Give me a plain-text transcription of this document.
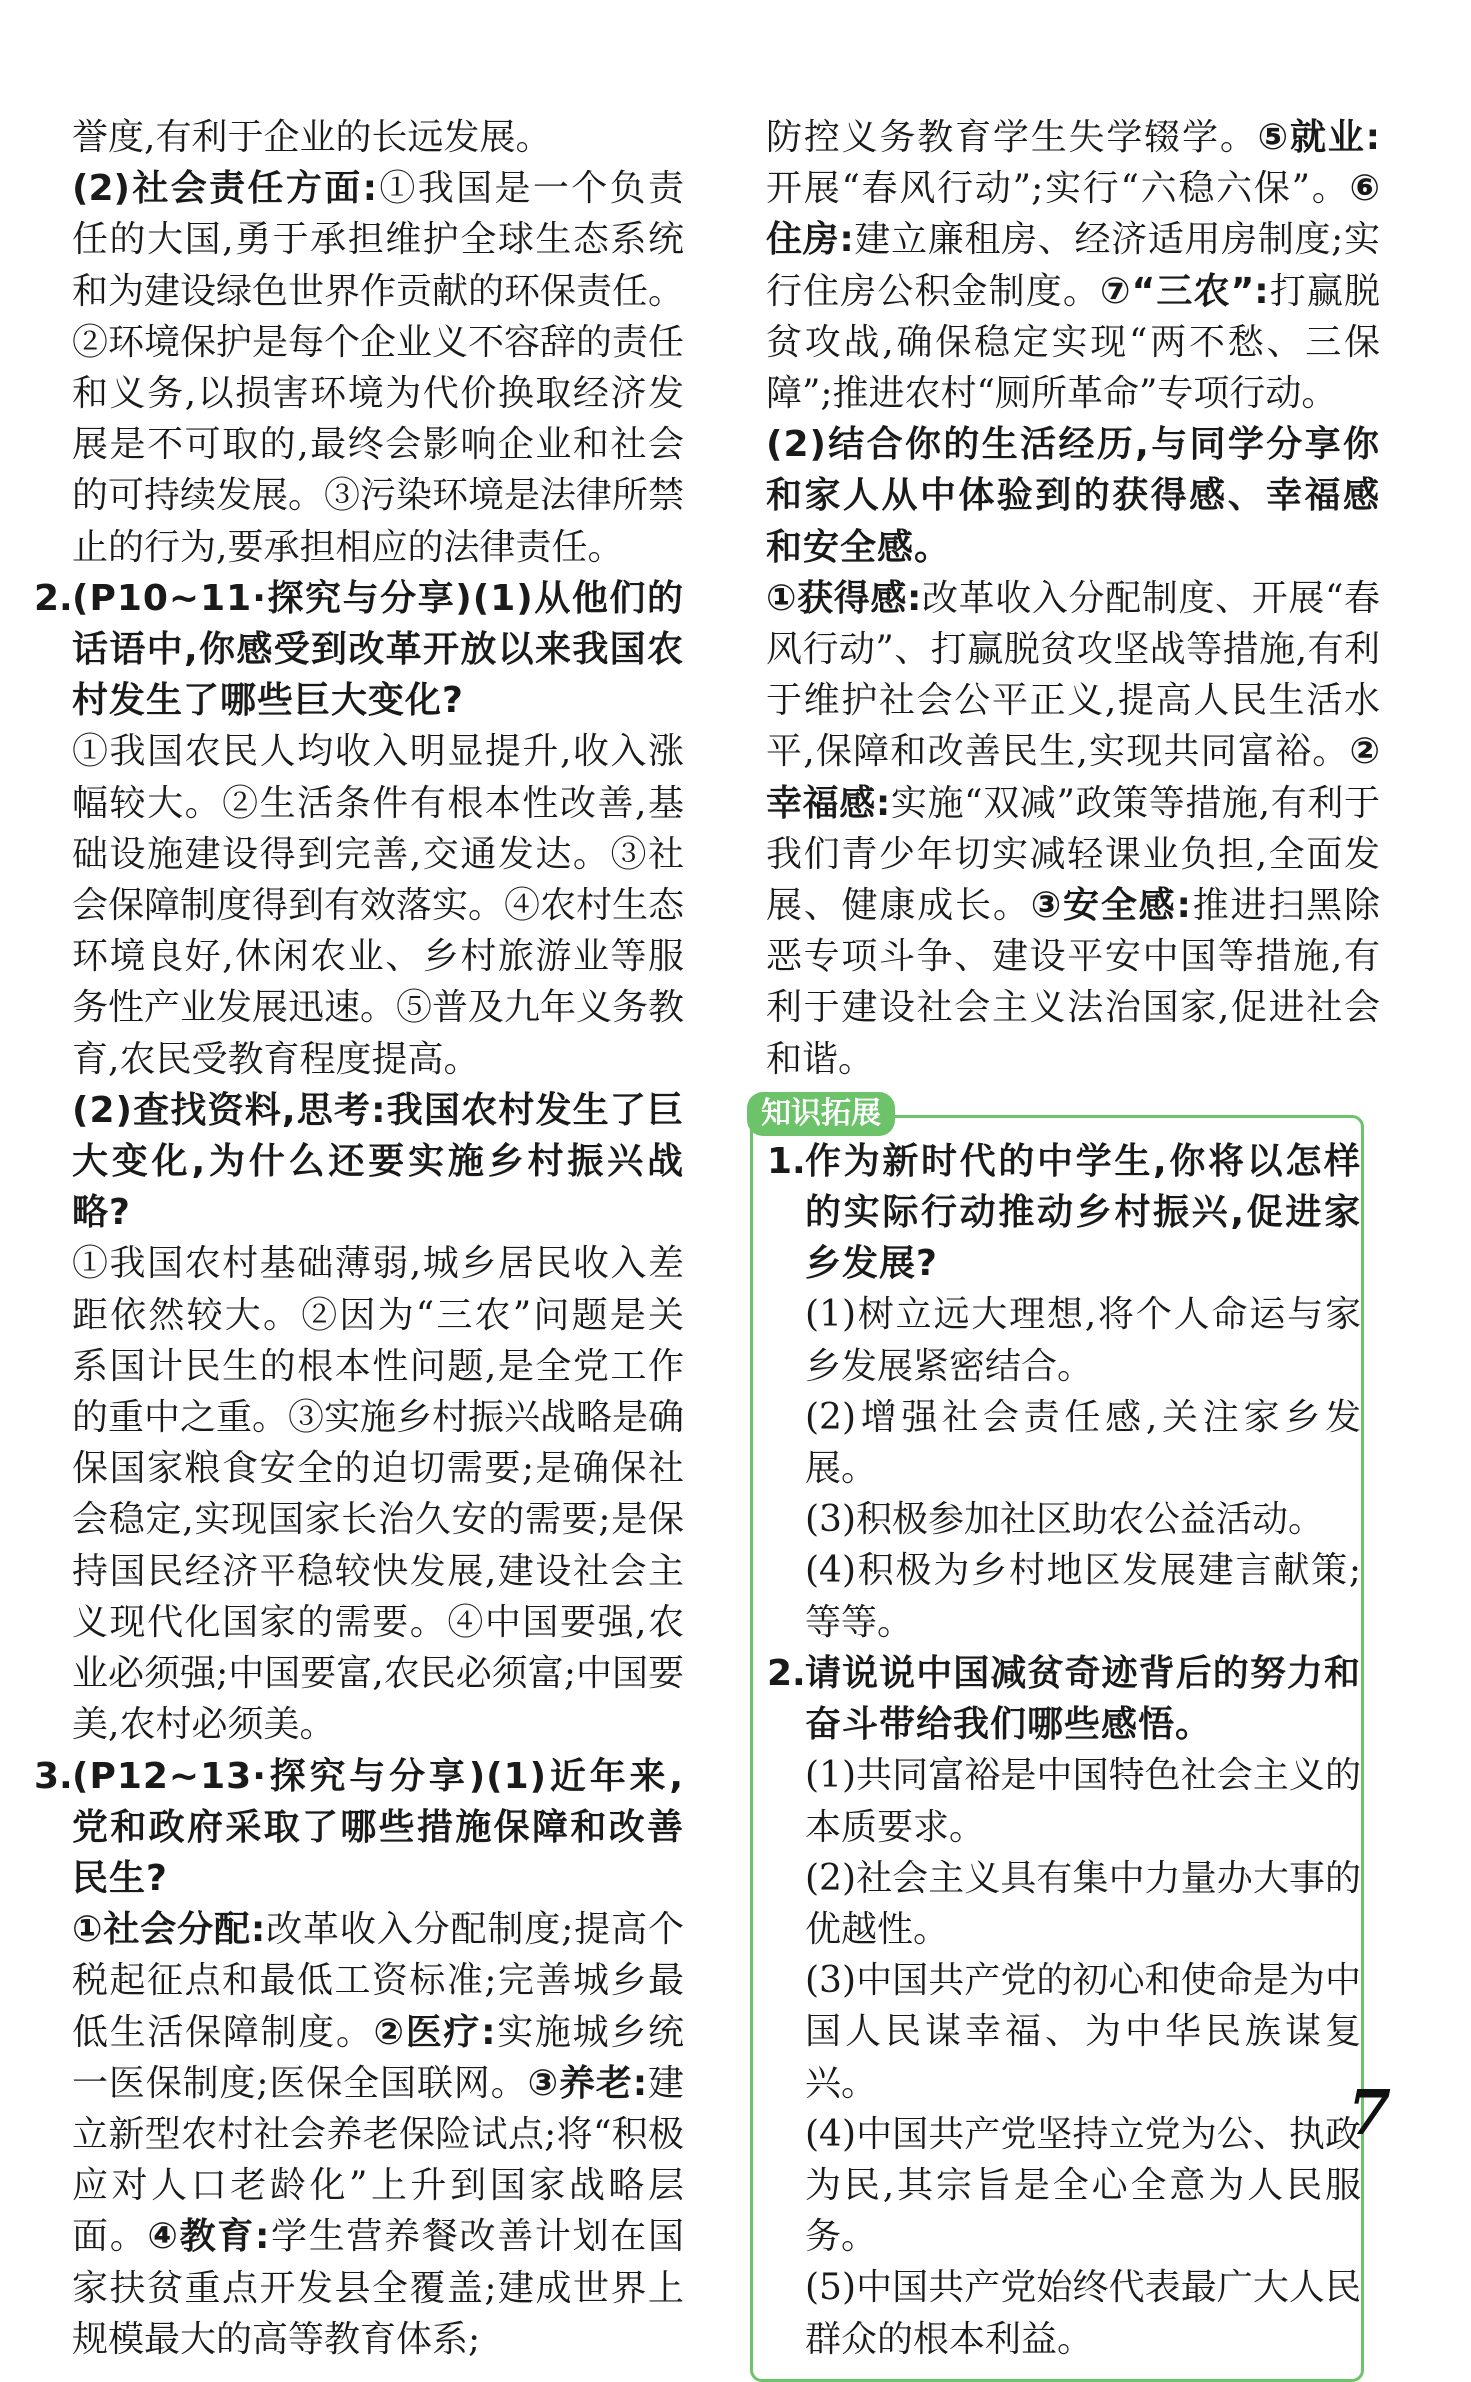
誉度,有利于企业的长远发展。

(2)社会责任方面:①我国是一个负责任的大国,勇于承担维护全球生态系统和为建设绿色世界作贡献的环保责任。②环境保护是每个企业义不容辞的责任和义务,以损害环境为代价换取经济发展是不可取的,最终会影响企业和社会的可持续发展。③污染环境是法律所禁止的行为,要承担相应的法律责任。

2. (P10~11·探究与分享)(1)从他们的话语中,你感受到改革开放以来我国农村发生了哪些巨大变化?

①我国农民人均收入明显提升,收入涨幅较大。②生活条件有根本性改善,基础设施建设得到完善,交通发达。③社会保障制度得到有效落实。④农村生态环境良好,休闲农业、乡村旅游业等服务性产业发展迅速。⑤普及九年义务教育,农民受教育程度提高。

(2)查找资料,思考:我国农村发生了巨大变化,为什么还要实施乡村振兴战略?

①我国农村基础薄弱,城乡居民收入差距依然较大。②因为“三农”问题是关系国计民生的根本性问题,是全党工作的重中之重。③实施乡村振兴战略是确保国家粮食安全的迫切需要;是确保社会稳定,实现国家长治久安的需要;是保持国民经济平稳较快发展,建设社会主义现代化国家的需要。④中国要强,农业必须强;中国要富,农民必须富;中国要美,农村必须美。

3. (P12~13·探究与分享)(1)近年来,党和政府采取了哪些措施保障和改善民生?

①社会分配:改革收入分配制度;提高个税起征点和最低工资标准;完善城乡最低生活保障制度。②医疗:实施城乡统一医保制度;医保全国联网。③养老:建立新型农村社会养老保险试点;将“积极应对人口老龄化”上升到国家战略层面。④教育:学生营养餐改善计划在国家扶贫重点开发县全覆盖;建成世界上规模最大的高等教育体系;

防控义务教育学生失学辍学。⑤就业:开展“春风行动”;实行“六稳六保”。⑥住房:建立廉租房、经济适用房制度;实行住房公积金制度。⑦“三农”:打赢脱贫攻战,确保稳定实现“两不愁、三保障”;推进农村“厕所革命”专项行动。

(2)结合你的生活经历,与同学分享你和家人从中体验到的获得感、幸福感和安全感。

①获得感:改革收入分配制度、开展“春风行动”、打赢脱贫攻坚战等措施,有利于维护社会公平正义,提高人民生活水平,保障和改善民生,实现共同富裕。②幸福感:实施“双减”政策等措施,有利于我们青少年切实减轻课业负担,全面发展、健康成长。③安全感:推进扫黑除恶专项斗争、建设平安中国等措施,有利于建设社会主义法治国家,促进社会和谐。

知识拓展
1. 作为新时代的中学生,你将以怎样的实际行动推动乡村振兴,促进家乡发展?

(1)树立远大理想,将个人命运与家乡发展紧密结合。

(2)增强社会责任感,关注家乡发展。

(3)积极参加社区助农公益活动。

(4)积极为乡村地区发展建言献策;等等。

2. 请说说中国减贫奇迹背后的努力和奋斗带给我们哪些感悟。

(1)共同富裕是中国特色社会主义的本质要求。

(2)社会主义具有集中力量办大事的优越性。

(3)中国共产党的初心和使命是为中国人民谋幸福、为中华民族谋复兴。

(4)中国共产党坚持立党为公、执政为民,其宗旨是全心全意为人民服务。

(5)中国共产党始终代表最广大人民群众的根本利益。

7
